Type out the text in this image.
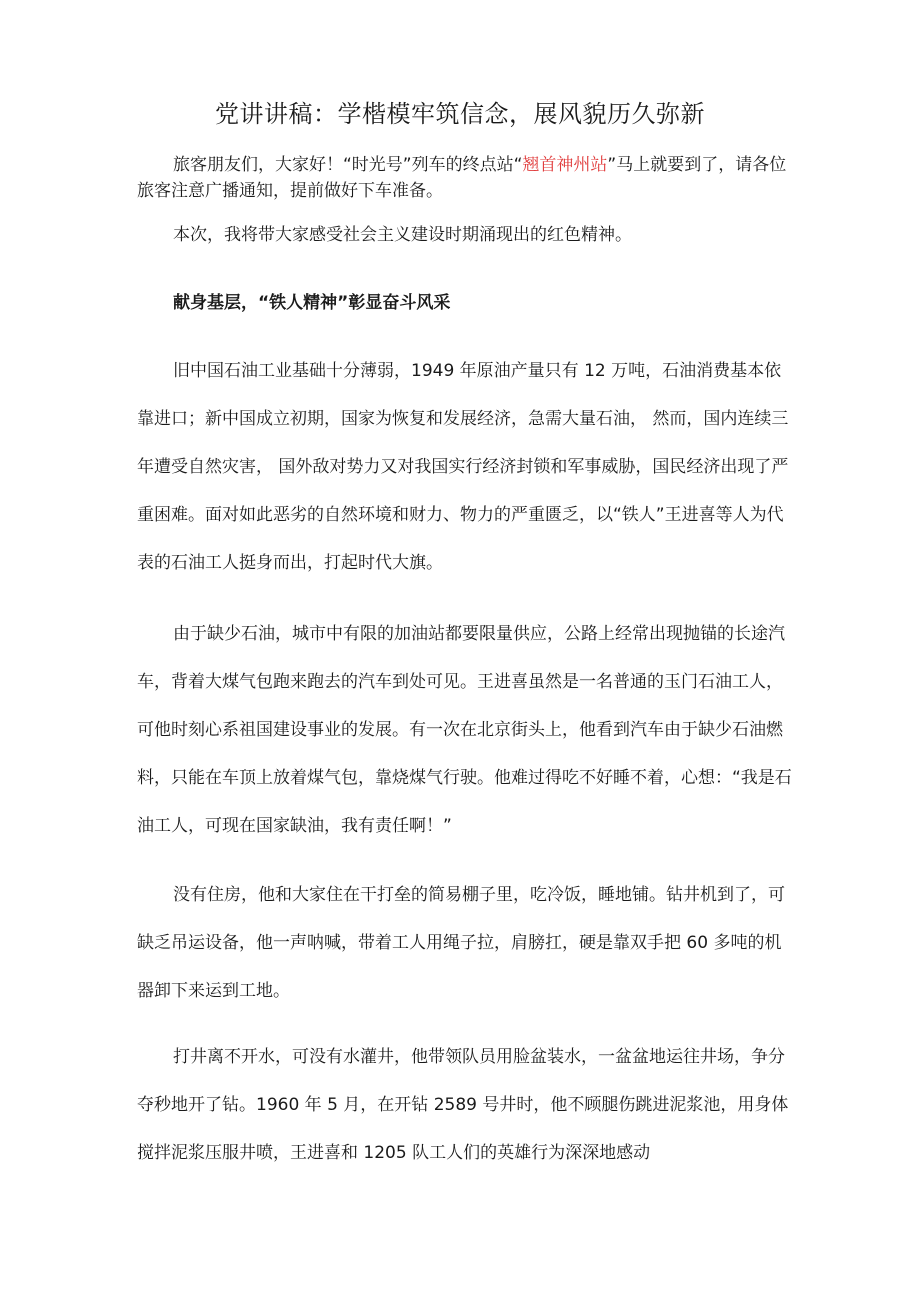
党讲讲稿：学楷模牢筑信念，展风貌历久弥新

旅客朋友们，大家好！“时光号”列车的终点站“翘首神州站”马上就要到了，请各位旅客注意广播通知，提前做好下车准备。

本次，我将带大家感受社会主义建设时期涌现出的红色精神。

献身基层，“铁人精神”彰显奋斗风采

旧中国石油工业基础十分薄弱，1949 年原油产量只有 12 万吨，石油消费基本依靠进口；新中国成立初期，国家为恢复和发展经济，急需大量石油， 然而，国内连续三年遭受自然灾害， 国外敌对势力又对我国实行经济封锁和军事威胁，国民经济出现了严重困难。面对如此恶劣的自然环境和财力、物力的严重匮乏，以“铁人”王进喜等人为代表的石油工人挺身而出，打起时代大旗。

由于缺少石油，城市中有限的加油站都要限量供应，公路上经常出现抛锚的长途汽车，背着大煤气包跑来跑去的汽车到处可见。王进喜虽然是一名普通的玉门石油工人，可他时刻心系祖国建设事业的发展。有一次在北京街头上，他看到汽车由于缺少石油燃料，只能在车顶上放着煤气包，靠烧煤气行驶。他难过得吃不好睡不着，心想：“我是石油工人，可现在国家缺油，我有责任啊！”

没有住房，他和大家住在干打垒的简易棚子里，吃冷饭，睡地铺。钻井机到了，可缺乏吊运设备，他一声呐喊，带着工人用绳子拉，肩膀扛，硬是靠双手把 60 多吨的机器卸下来运到工地。

打井离不开水，可没有水灌井，他带领队员用脸盆装水，一盆盆地运往井场，争分夺秒地开了钻。1960 年 5 月，在开钻 2589 号井时，他不顾腿伤跳进泥浆池，用身体搅拌泥浆压服井喷，王进喜和 1205 队工人们的英雄行为深深地感动
